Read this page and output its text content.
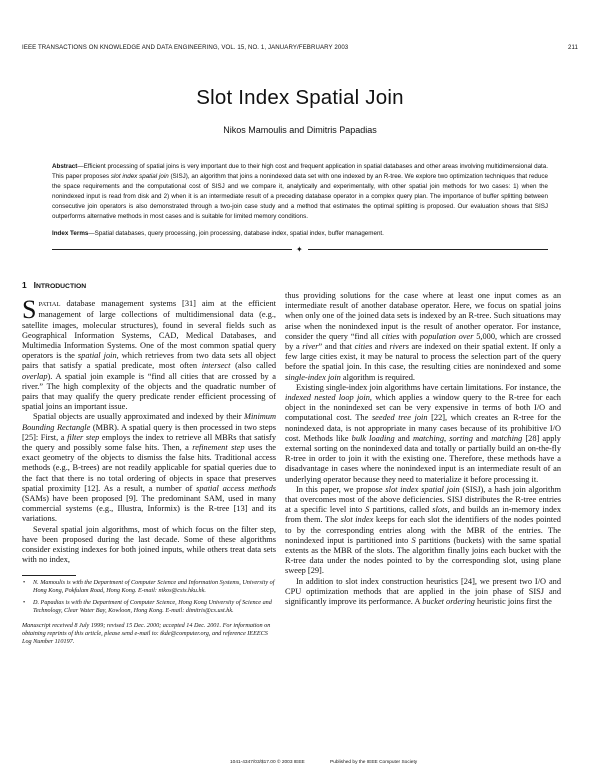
IEEE TRANSACTIONS ON KNOWLEDGE AND DATA ENGINEERING, VOL. 15, NO. 1, JANUARY/FEBRUARY 2003	211
Slot Index Spatial Join
Nikos Mamoulis and Dimitris Papadias
Abstract—Efficient processing of spatial joins is very important due to their high cost and frequent application in spatial databases and other areas involving multidimensional data. This paper proposes slot index spatial join (SISJ), an algorithm that joins a nonindexed data set with one indexed by an R-tree. We explore two optimization techniques that reduce the space requirements and the computational cost of SISJ and we compare it, analytically and experimentally, with other spatial join methods for two cases: 1) when the nonindexed input is read from disk and 2) when it is an intermediate result of a preceding database operator in a complex query plan. The importance of buffer splitting between consecutive join operators is also demonstrated through a two-join case study and a method that estimates the optimal splitting is proposed. Our evaluation shows that SISJ outperforms alternative methods in most cases and is suitable for limited memory conditions.
Index Terms—Spatial databases, query processing, join processing, database index, spatial index, buffer management.
✦
1 INTRODUCTION

SPATIAL database management systems [31] aim at the efficient management of large collections of multidimensional data (e.g., satellite images, molecular structures), found in several fields such as Geographical Information Systems, CAD, Medical Databases, and Multimedia Information Systems. One of the most common spatial query operators is the spatial join, which retrieves from two data sets all object pairs that satisfy a spatial predicate, most often intersect (also called overlap). A spatial join example is “find all cities that are crossed by a river.” The high complexity of the objects and the quadratic number of pairs that may qualify the query predicate render efficient processing of spatial joins an important issue.

Spatial objects are usually approximated and indexed by their Minimum Bounding Rectangle (MBR). A spatial query is then processed in two steps [25]: First, a filter step employs the index to retrieve all MBRs that satisfy the query and possibly some false hits. Then, a refinement step uses the exact geometry of the objects to dismiss the false hits. Traditional access methods (e.g., B-trees) are not readily applicable for spatial queries due to the fact that there is no total ordering of objects in space that preserves spatial proximity [12]. As a result, a number of spatial access methods (SAMs) have been proposed [9]. The predominant SAM, used in many commercial systems (e.g., Illustra, Informix) is the R-tree [13] and its variations.

Several spatial join algorithms, most of which focus on the filter step, have been proposed during the last decade. Some of these algorithms consider existing indexes for both joined inputs, while others treat data sets with no index,

• N. Mamoulis is with the Department of Computer Science and Information Systems, University of Hong Kong, Pokfulam Road, Hong Kong. E-mail: nikos@csis.hku.hk.
• D. Papadias is with the Department of Computer Science, Hong Kong University of Science and Technology, Clear Water Bay, Kowloon, Hong Kong. E-mail: dimitris@cs.ust.hk.
Manuscript received 8 July 1999; revised 15 Dec. 2000; accepted 14 Dec. 2001. For information on obtaining reprints of this article, please send e-mail to: tkde@computer.org, and reference IEEECS Log Number 110197.

thus providing solutions for the case where at least one input comes as an intermediate result of another database operator. Here, we focus on spatial joins when only one of the joined data sets is indexed by an R-tree. Such situations may arise when the nonindexed input is the result of another operator. For instance, consider the query “find all cities with population over 5,000, which are crossed by a river” and that cities and rivers are indexed on their spatial extent. If only a few large cities exist, it may be natural to process the selection part of the query before the spatial join. In this case, the resulting cities are nonindexed and some single-index join algorithm is required.

Existing single-index join algorithms have certain limitations. For instance, the indexed nested loop join, which applies a window query to the R-tree for each object in the nonindexed set can be very expensive in terms of both I/O and computational cost. The seeded tree join [22], which creates an R-tree for the nonindexed data, is not appropriate in many cases because of its prohibitive I/O cost. Methods like bulk loading and matching, sorting and matching [28] apply external sorting on the nonindexed data and totally or partially build an on-the-fly R-tree in order to join it with the existing one. Therefore, these methods have a disadvantage in cases where the nonindexed input is an intermediate result of an underlying operator because they need to materialize it before processing it.

In this paper, we propose slot index spatial join (SISJ), a hash join algorithm that overcomes most of the above deficiencies. SISJ distributes the R-tree entries at a specific level into S partitions, called slots, and builds an in-memory index from them. The slot index keeps for each slot the identifiers of the nodes pointed to by the corresponding entries along with the MBR of the entries. The nonindexed input is partitioned into S partitions (buckets) with the same spatial extents as the MBR of the slots. The algorithm finally joins each bucket with the R-tree data under the nodes pointed to by the corresponding slot, using plane sweep [29].

In addition to slot index construction heuristics [24], we present two I/O and CPU optimization methods that are applied in the join phase of SISJ and significantly improve its performance. A bucket ordering heuristic joins first the

1041-4347/03/$17.00 © 2003 IEEE	Published by the IEEE Computer Society
